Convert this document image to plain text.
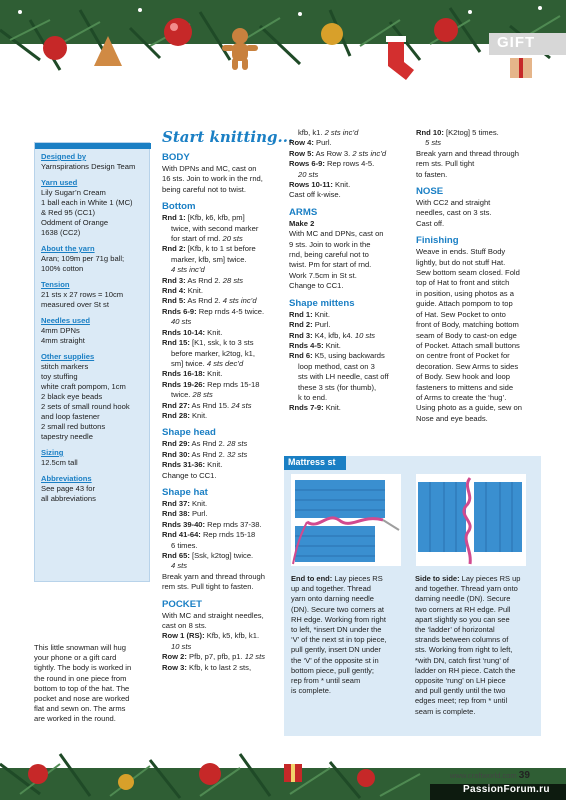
GIFT
Designed by
Yarnspirations Design Team
Yarn used
Lily Sugar’n Cream
1 ball each in White 1 (MC)
& Red 95 (CC1)
Oddment of Orange
1638 (CC2)
About the yarn
Aran; 109m per 71g ball;
100% cotton
Tension
21 sts x 27 rows = 10cm
measured over St st
Needles used
4mm DPNs
4mm straight
Other supplies
stitch markers
toy stuffing
white craft pompom, 1cm
2 black eye beads
2 sets of small round hook
and loop fastener
2 small red buttons
tapestry needle
Sizing
12.5cm tall
Abbreviations
See page 43 for
all abbreviations
This little snowman will hug
your phone or a gift card
tightly. The body is worked in
the round in one piece from
bottom to top of the hat. The
pocket and nose are worked
flat and sewn on. The arms
are worked in the round.
Start knitting...
BODY
With DPNs and MC, cast on
16 sts. Join to work in the rnd,
being careful not to twist.
Bottom
Rnd 1: [Kfb, k6, kfb, pm]
twice, with second marker
for start of rnd. 20 sts
Rnd 2: [Kfb, k to 1 st before
marker, kfb, sm] twice.
4 sts inc’d
Rnd 3: As Rnd 2. 28 sts
Rnd 4: Knit.
Rnd 5: As Rnd 2. 4 sts inc’d
Rnds 6-9: Rep rnds 4-5 twice.
40 sts
Rnds 10-14: Knit.
Rnd 15: [K1, ssk, k to 3 sts
before marker, k2tog, k1,
sm] twice. 4 sts dec’d
Rnds 16-18: Knit.
Rnds 19-26: Rep rnds 15-18
twice. 28 sts
Rnd 27: As Rnd 15. 24 sts
Rnd 28: Knit.
Shape head
Rnd 29: As Rnd 2. 28 sts
Rnd 30: As Rnd 2. 32 sts
Rnds 31-36: Knit.
Change to CC1.
Shape hat
Rnd 37: Knit.
Rnd 38: Purl.
Rnds 39-40: Rep rnds 37-38.
Rnd 41-64: Rep rnds 15-18
6 times.
Rnd 65: [Ssk, k2tog] twice.
4 sts
Break yarn and thread through
rem sts. Pull tight to fasten.
POCKET
With MC and straight needles,
cast on 8 sts.
Row 1 (RS): Kfb, k5, kfb, k1.
10 sts
Row 2: Pfb, p7, pfb, p1. 12 sts
Row 3: Kfb, k to last 2 sts,
kfb, k1. 2 sts inc’d
Row 4: Purl.
Row 5: As Row 3. 2 sts inc’d
Rows 6-9: Rep rows 4-5.
20 sts
Rows 10-11: Knit.
Cast off k-wise.
ARMS
Make 2
With MC and DPNs, cast on
9 sts. Join to work in the
rnd, being careful not to
twist. Pm for start of rnd.
Work 7.5cm in St st.
Change to CC1.
Shape mittens
Rnd 1: Knit.
Rnd 2: Purl.
Rnd 3: K4, kfb, k4. 10 sts
Rnds 4-5: Knit.
Rnd 6: K5, using backwards
loop method, cast on 3
sts with LH needle, cast off
these 3 sts (for thumb),
k to end.
Rnds 7-9: Knit.
Rnd 10: [K2tog] 5 times.
5 sts
Break yarn and thread through
rem sts. Pull tight
to fasten.
NOSE
With CC2 and straight
needles, cast on 3 sts.
Cast off.
Finishing
Weave in ends. Stuff Body
lightly, but do not stuff Hat.
Sew bottom seam closed. Fold
top of Hat to front and stitch
in position, using photos as a
guide. Attach pompom to top
of Hat. Sew Pocket to onto
front of Body, matching bottom
seam of Body to cast-on edge
of Pocket. Attach small buttons
on centre front of Pocket for
decoration. Sew Arms to sides
of Body. Sew hook and loop
fasteners to mittens and side
of Arms to create the ‘hug’.
Using photo as a guide, sew on
Nose and eye beads.
Mattress st
End to end: Lay pieces RS
up and together. Thread
yarn onto darning needle
(DN). Secure two corners at
RH edge. Working from right
to left, *insert DN under the
‘V’ of the next st in top piece,
pull gently, insert DN under
the ‘V’ of the opposite st in
bottom piece, pull gently;
rep from * until seam
is complete.
Side to side: Lay pieces RS up
and together. Thread yarn onto
darning needle (DN). Secure
two corners at RH edge. Pull
apart slightly so you can see
the ‘ladder’ of horizontal
strands between columns of
sts. Working from right to left,
*with DN, catch first ‘rung’ of
ladder on RH piece. Catch the
opposite ‘rung’ on LH piece
and pull gently until the two
edges meet; rep from * until
seam is complete.
www.craftworld.com 39
PassionForum.ru
